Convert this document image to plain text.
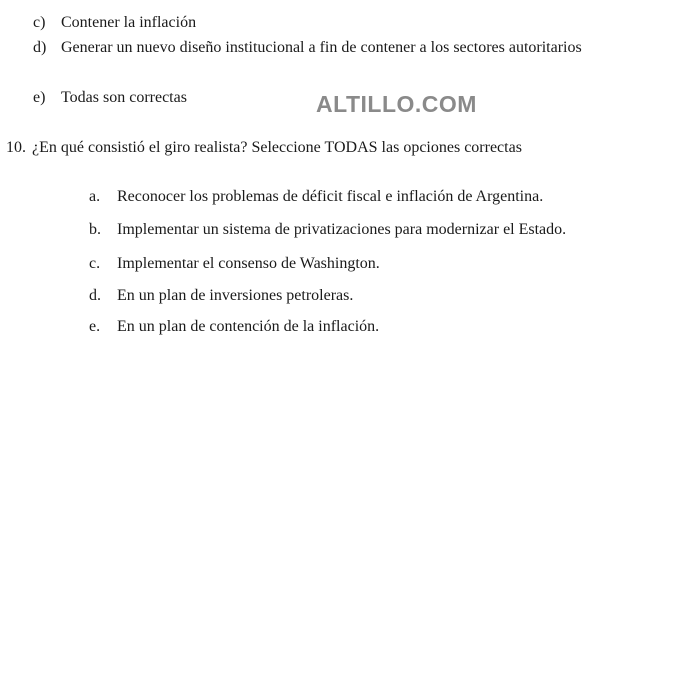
c) Contener la inflación
d) Generar un nuevo diseño institucional a fin de contener a los sectores autoritarios
e) Todas son correctas	ALTILLO.COM
10. ¿En qué consistió el giro realista? Seleccione TODAS las opciones correctas
a. Reconocer los problemas de déficit fiscal e inflación de Argentina.
b. Implementar un sistema de privatizaciones para modernizar el Estado.
c. Implementar el consenso de Washington.
d. En un plan de inversiones petroleras.
e. En un plan de contención de la inflación.
